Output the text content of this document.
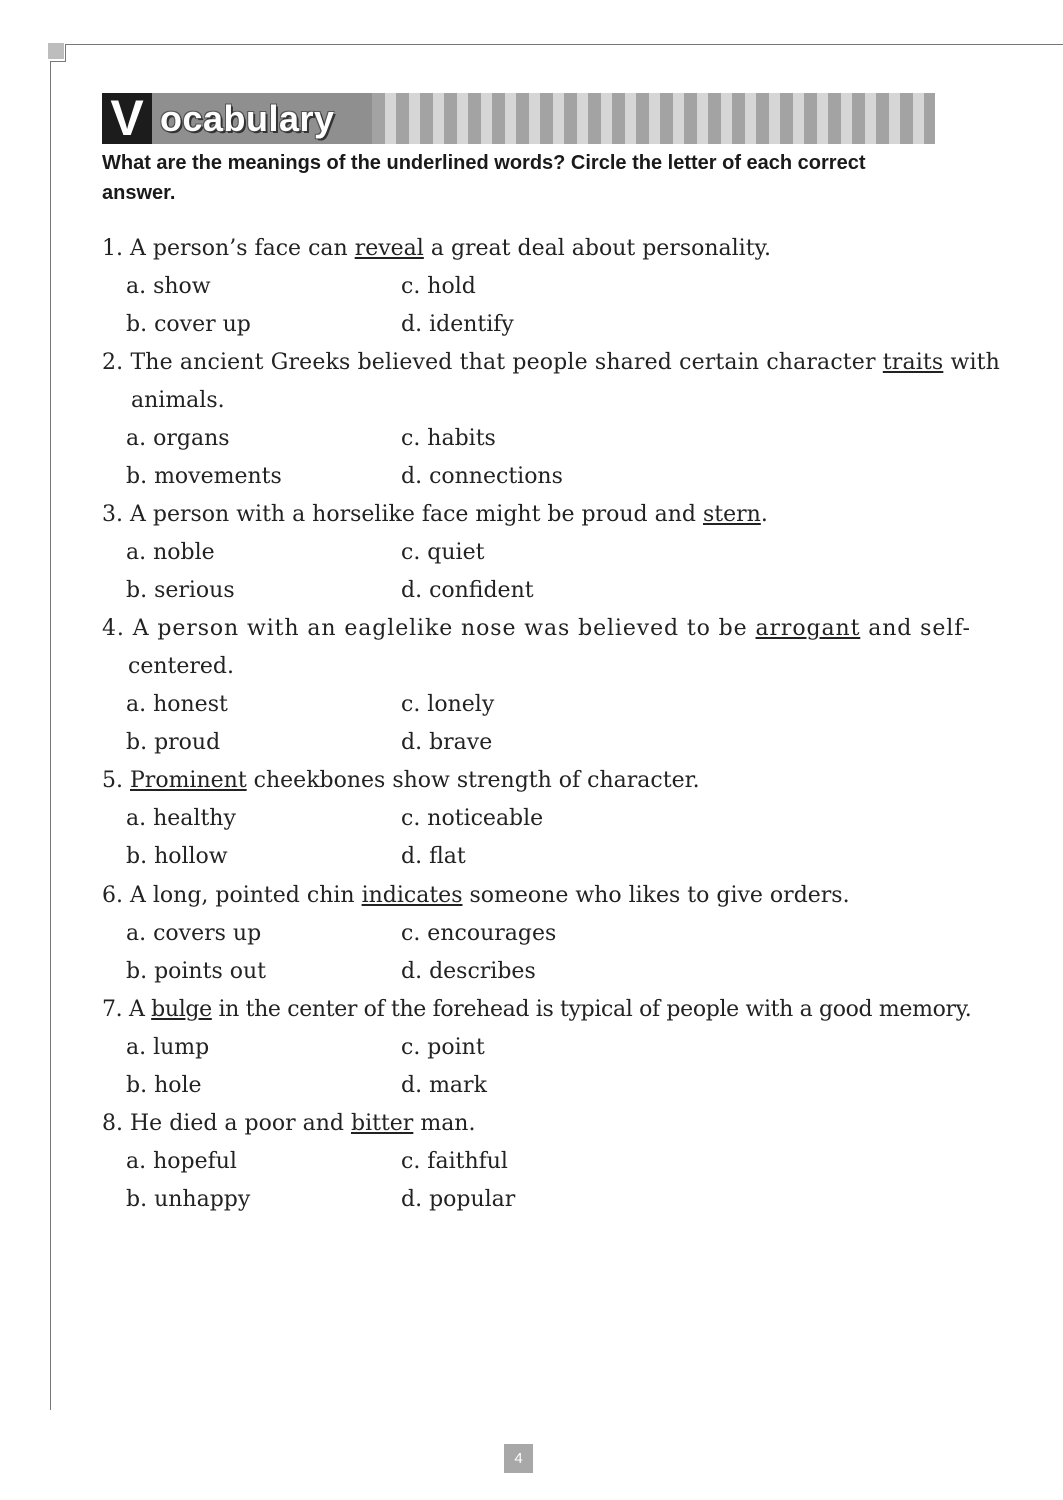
V ocabulary
What are the meanings of the underlined words? Circle the letter of each correct answer.
1. A person’s face can reveal a great deal about personality.
a. show	c. hold
b. cover up	d. identify
2. The ancient Greeks believed that people shared certain character traits with
animals.
a. organs	c. habits
b. movements	d. connections
3. A person with a horselike face might be proud and stern.
a. noble	c. quiet
b. serious	d. confident
4. A person with an eaglelike nose was believed to be arrogant and self-
centered.
a. honest	c. lonely
b. proud	d. brave
5. Prominent cheekbones show strength of character.
a. healthy	c. noticeable
b. hollow	d. flat
6. A long, pointed chin indicates someone who likes to give orders.
a. covers up	c. encourages
b. points out	d. describes
7. A bulge in the center of the forehead is typical of people with a good memory.
a. lump	c. point
b. hole	d. mark
8. He died a poor and bitter man.
a. hopeful	c. faithful
b. unhappy	d. popular
4
